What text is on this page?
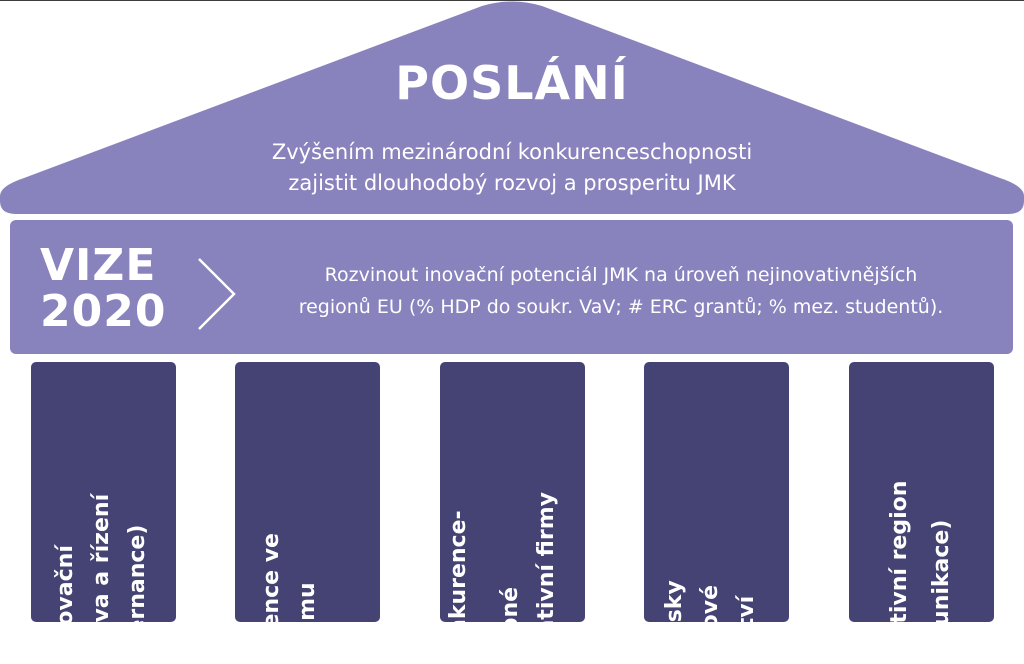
POSLÁNÍ
Zvýšením mezinárodní konkurenceschopnosti
zajistit dlouhodobý rozvoj a prosperitu JMK
VIZE
2020
Rozvinout inovační potenciál JMK na úroveň nejinovativnějších
regionů EU (% HDP do soukr. VaV; # ERC grantů; % mez. studentů).
oinovační práva a řízení overnance)	celence ve zkumu	konkurence- hopné ovativní firmy	ropsky ičkové olství	raktivní region omunikace)
